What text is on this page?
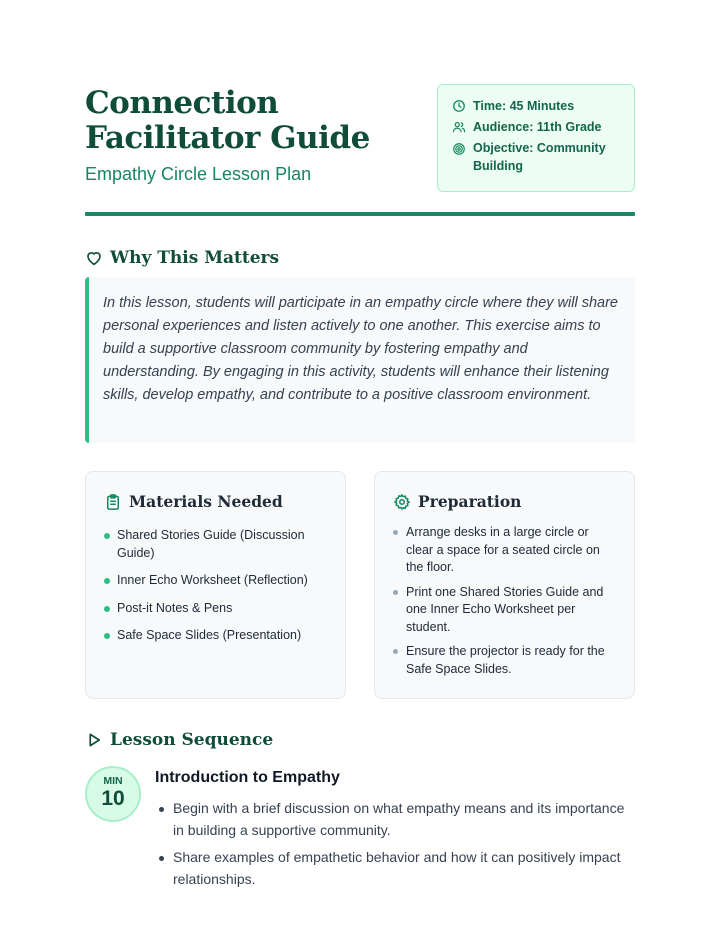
Connection Facilitator Guide
Empathy Circle Lesson Plan
Time: 45 Minutes
Audience: 11th Grade
Objective: Community Building
Why This Matters

In this lesson, students will participate in an empathy circle where they will share personal experiences and listen actively to one another. This exercise aims to build a supportive classroom community by fostering empathy and understanding. By engaging in this activity, students will enhance their listening skills, develop empathy, and contribute to a positive classroom environment.

Materials Needed
Shared Stories Guide (Discussion Guide)
Inner Echo Worksheet (Reflection)
Post-it Notes & Pens
Safe Space Slides (Presentation)
Preparation
Arrange desks in a large circle or clear a space for a seated circle on the floor.
Print one Shared Stories Guide and one Inner Echo Worksheet per student.
Ensure the projector is ready for the Safe Space Slides.
Lesson Sequence
MIN
10
Introduction to Empathy
Begin with a brief discussion on what empathy means and its importance in building a supportive community.
Share examples of empathetic behavior and how it can positively impact relationships.
